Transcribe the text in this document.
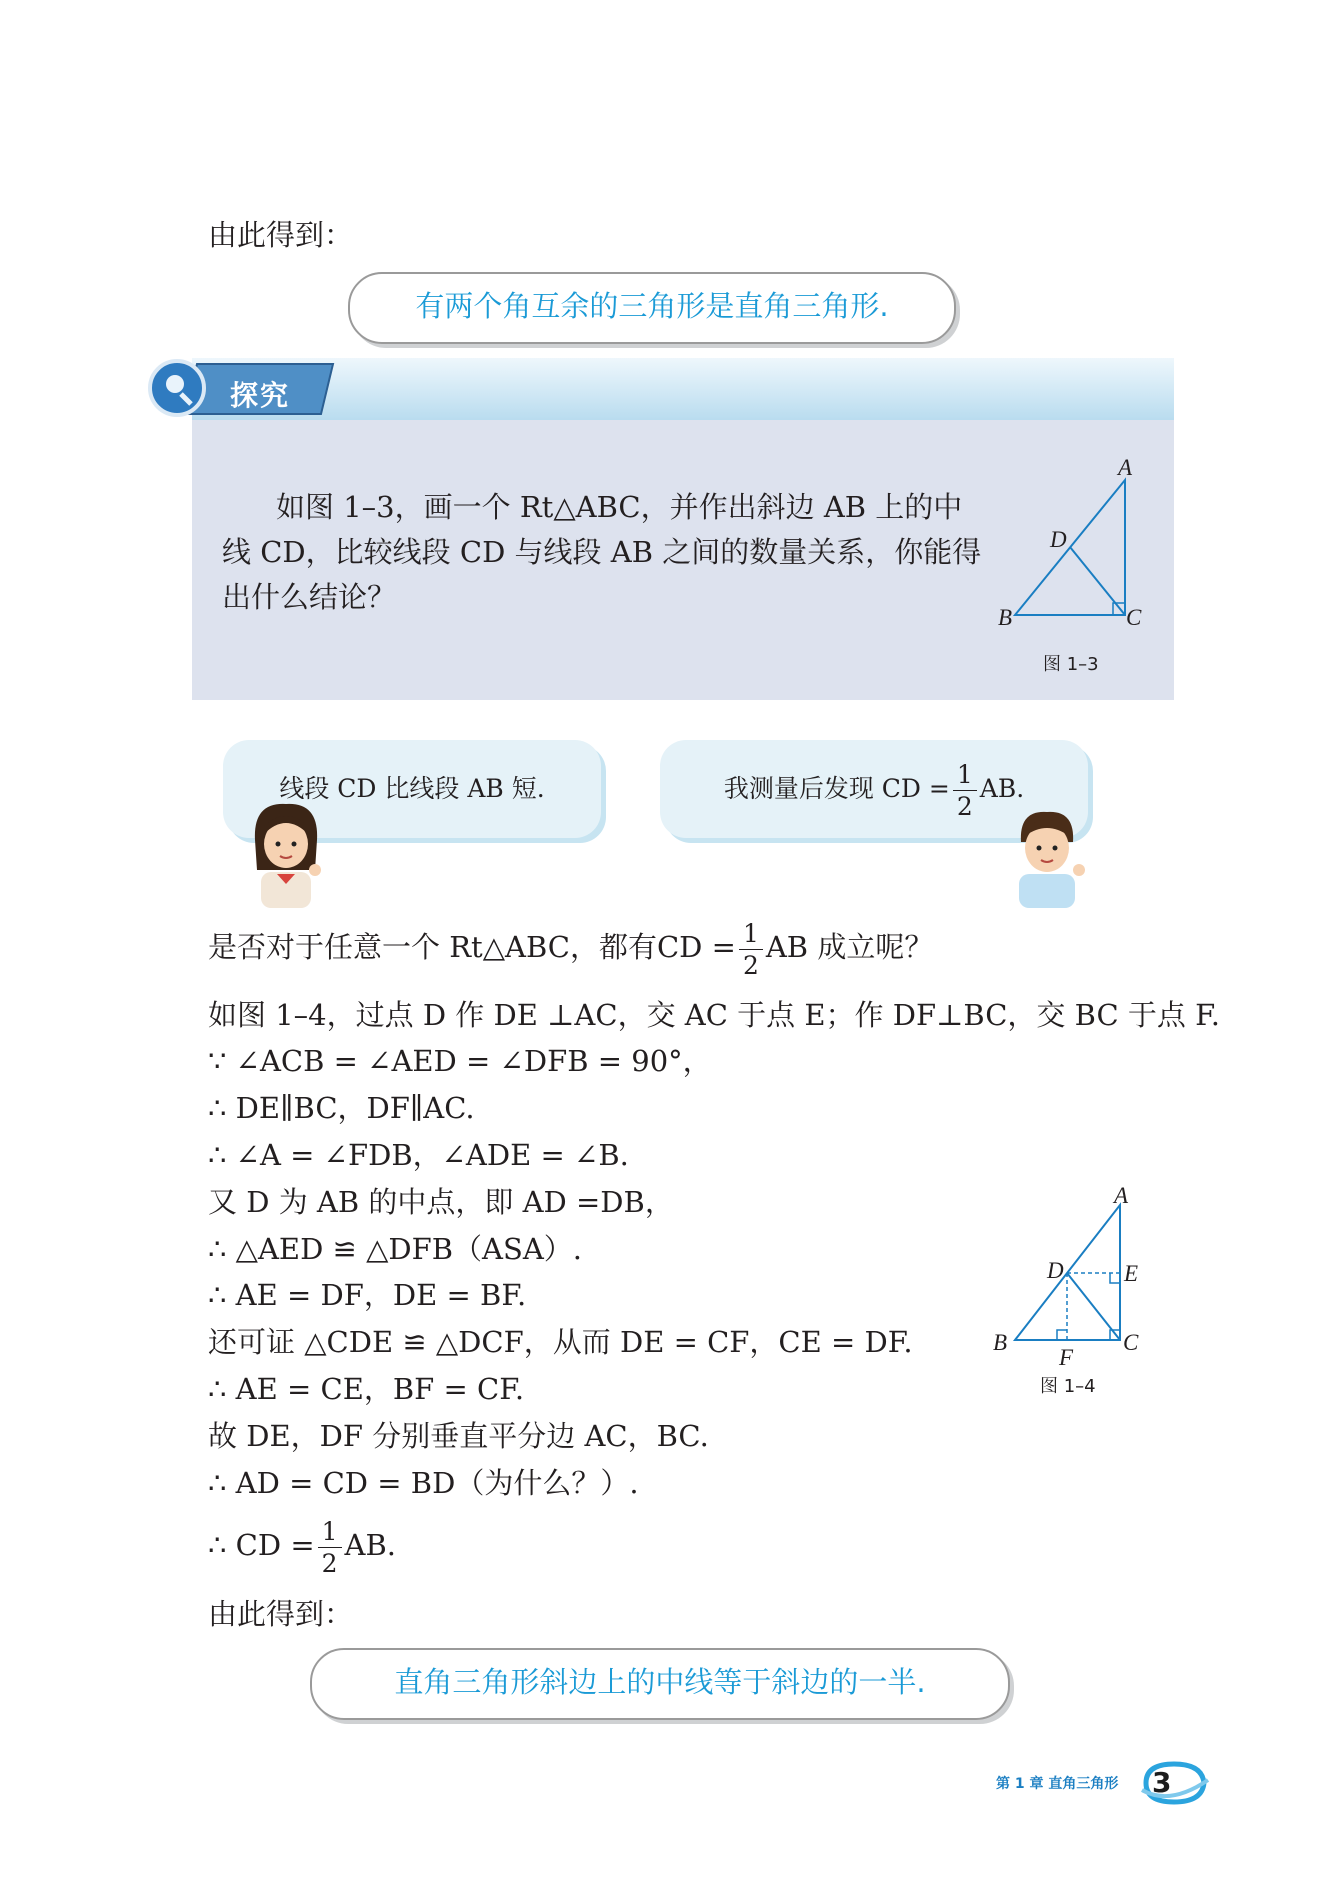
由此得到：
有两个角互余的三角形是直角三角形.
探究
如图 1–3，画一个 Rt△ABC，并作出斜边 AB 上的中
线 CD，比较线段 CD 与线段 AB 之间的数量关系，你能得
出什么结论？
A
D
B	C
图 1–3
线段 CD 比线段 AB 短.	我测量后发现 CD = $\frac{1}{2}$ AB.
是否对于任意一个 Rt△ABC，都有CD = $\frac{1}{2}$ AB 成立呢？
如图 1–4，过点 D 作 DE ⊥AC，交 AC 于点 E；作 DF⊥BC，交 BC 于点 F.
∵ ∠ACB = ∠AED = ∠DFB = 90°，
∴ DE∥BC，DF∥AC.
∴ ∠A = ∠FDB，∠ADE = ∠B.
又 D 为 AB 的中点，即 AD =DB，
∴ △AED ≌ △DFB（ASA）.
∴ AE = DF，DE = BF.
还可证 △CDE ≌ △DCF，从而 DE = CF，CE = DF.
∴ AE = CE，BF = CF.
故 DE，DF 分别垂直平分边 AC，BC.
∴ AD = CD = BD（为什么？）.
∴ CD = $\frac{1}{2}$ AB.
A
D	E
B	C
F
图 1–4
由此得到：
直角三角形斜边上的中线等于斜边的一半.
第 1 章 直角三角形 3
